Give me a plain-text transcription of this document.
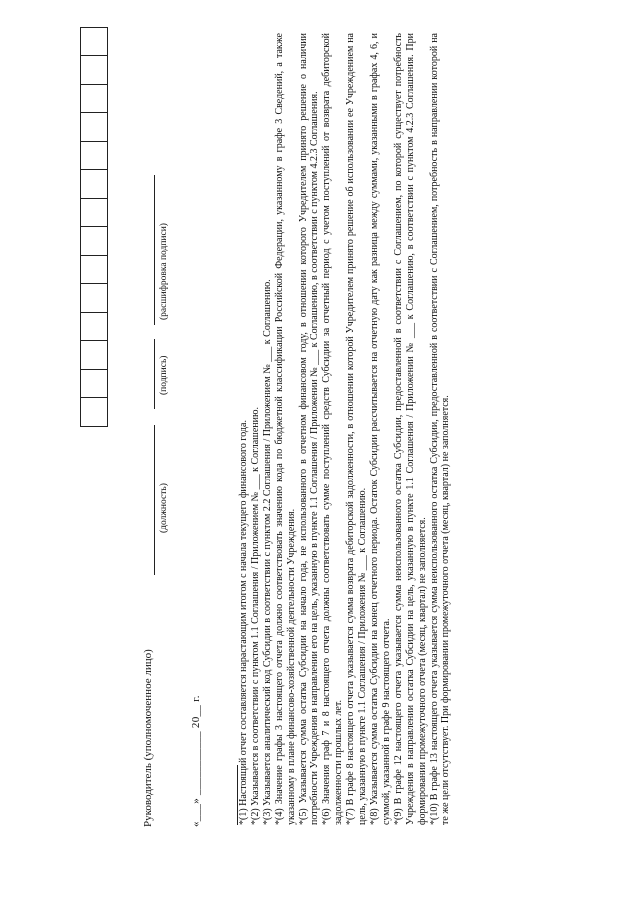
Руководитель (уполномоченное лицо)
(должность)
(подпись)
(расшифровка подписи)
«___» ___________ 20__ г.	*(1) Настоящий отчет составляется нарастающим итогом с начала текущего финансового года. *(2) Указывается в соответствии с пунктом 1.1 Соглашения / Приложением № ___ к Соглашению. *(3) Указывается аналитический код Субсидии в соответствии с пунктом 2.2 Соглашения / Приложением № ___ к Соглашению. *(4) Значение графы 3 настоящего отчета должно соответствовать значению кода по бюджетной классификации Российской Федерации, указанному в графе 3 Сведений, а также указанному в плане финансово-хозяйственной деятельности Учреждения. *(5) Указывается сумма остатка Субсидии на начало года, не использованного в отчетном финансовом году, в отношении которого Учредителем принято решение о наличии потребности Учреждения в направлении его на цель, указанную в пункте 1.1 Соглашения / Приложении № ___ к Соглашению, в соответствии с пунктом 4.2.3 Соглашения. *(6) Значения граф 7 и 8 настоящего отчета должны соответствовать сумме поступлений средств Субсидии за отчетный период с учетом поступлений от возврата дебиторской задолженности прошлых лет. *(7) В графе 8 настоящего отчета указывается сумма возврата дебиторской задолженности, в отношении которой Учредителем принято решение об использовании ее Учреждением на цель, указанную в пункте 1.1 Соглашения / Приложения № ___ к Соглашению. *(8) Указывается сумма остатка Субсидии на конец отчетного периода. Остаток Субсидии рассчитывается на отчетную дату как разница между суммами, указанными в графах 4, 6, и суммой, указанной в графе 9 настоящего отчета. *(9) В графе 12 настоящего отчета указывается сумма неиспользованного остатка Субсидии, предоставленной в соответствии с Соглашением, по которой существует потребность Учреждения в направлении остатка Субсидии на цель, указанную в пункте 1.1 Соглашения / Приложении № ___ к Соглашению, в соответствии с пунктом 4.2.3 Соглашения. При формировании промежуточного отчета (месяц, квартал) не заполняется. *(10) В графе 13 настоящего отчета указывается сумма неиспользованного остатка Субсидии, предоставленной в соответствии с Соглашением, потребность в направлении которой на те же цели отсутствует. При формировании промежуточного отчета (месяц, квартал) не заполняется.
